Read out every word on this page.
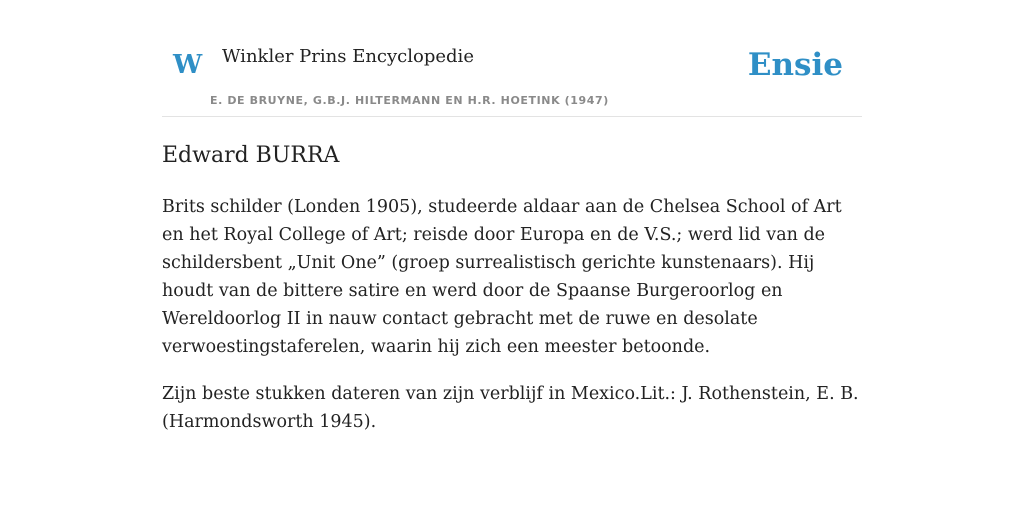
W Winkler Prins Encyclopedie
E. DE BRUYNE, G.B.J. HILTERMANN EN H.R. HOETINK (1947)
Ensie
Edward BURRA

Brits schilder (Londen 1905), studeerde aldaar aan de Chelsea School of Art en het Royal College of Art; reisde door Europa en de V.S.; werd lid van de schildersbent „Unit One” (groep surrealistisch gerichte kunstenaars). Hij houdt van de bittere satire en werd door de Spaanse Burgeroorlog en Wereldoorlog II in nauw contact gebracht met de ruwe en desolate verwoestingstaferelen, waarin hij zich een meester betoonde.

Zijn beste stukken dateren van zijn verblijf in Mexico.Lit.: J. Rothenstein, E. B. (Harmondsworth 1945).
